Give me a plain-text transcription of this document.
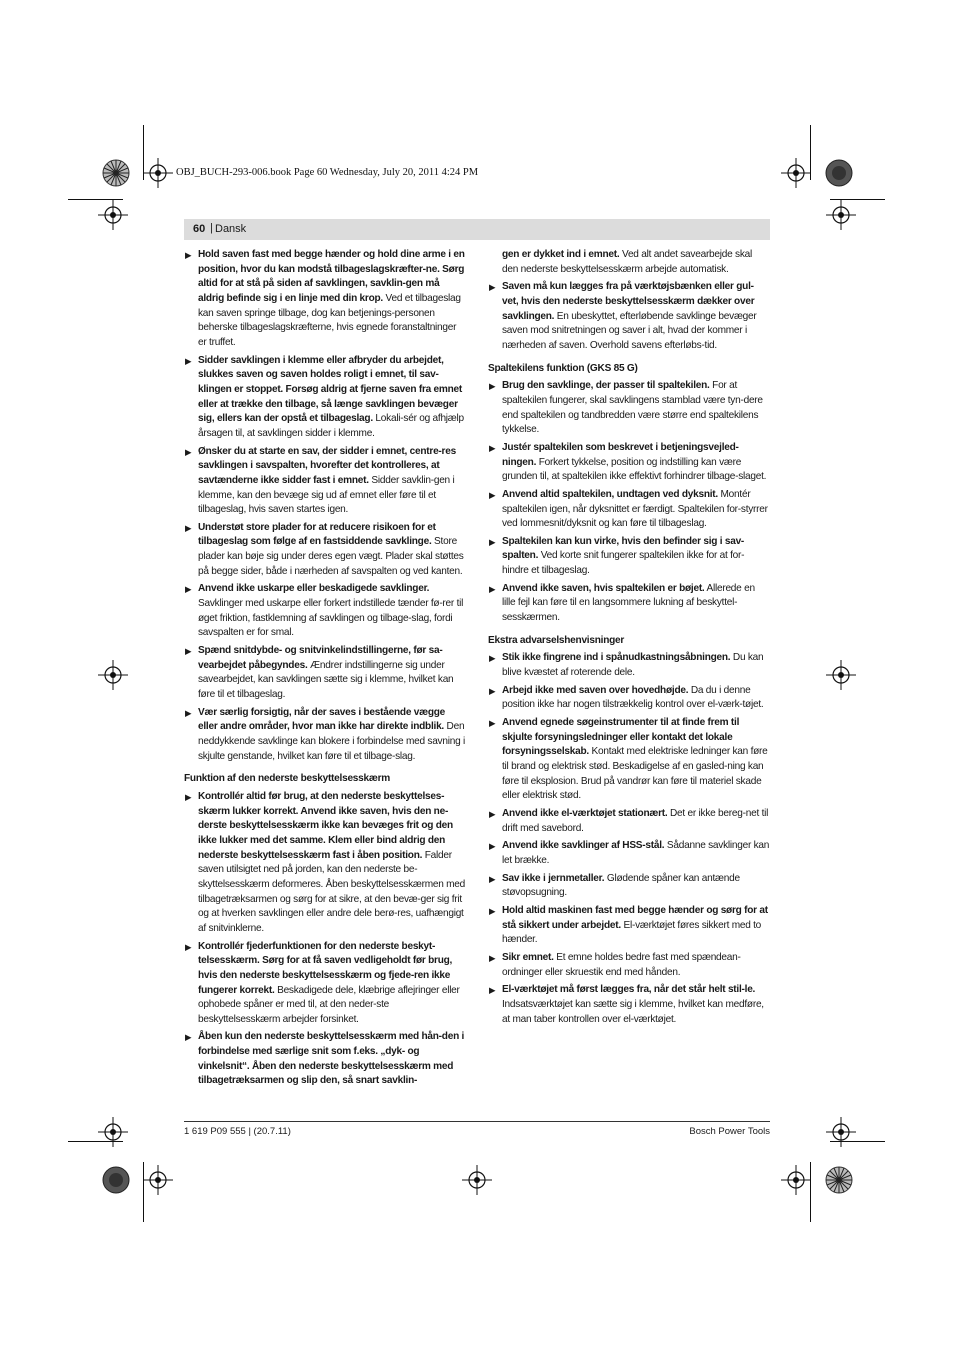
OBJ_BUCH-293-006.book Page 60 Wednesday, July 20, 2011 4:24 PM
60 | Dansk
▶ Hold saven fast med begge hænder og hold dine arme i en position, hvor du kan modstå tilbageslagskræfter-ne. Sørg altid for at stå på siden af savklingen, savklin-gen må aldrig befinde sig i en linje med din krop. Ved et tilbageslag kan saven springe tilbage, dog kan betjenings-personen beherske tilbageslagskræfterne, hvis egnede foranstaltninger er truffet.
▶ Sidder savklingen i klemme eller afbryder du arbejdet, slukkes saven og saven holdes roligt i emnet, til sav-klingen er stoppet. Forsøg aldrig at fjerne saven fra emnet eller at trække den tilbage, så længe savklingen bevæger sig, ellers kan der opstå et tilbageslag. Lokali-sér og afhjælp årsagen til, at savklingen sidder i klemme.
▶ Ønsker du at starte en sav, der sidder i emnet, centre-res savklingen i savspalten, hvorefter det kontrolleres, at savtænderne ikke sidder fast i emnet. Sidder savklin-gen i klemme, kan den bevæge sig ud af emnet eller føre til et tilbageslag, hvis saven startes igen.
▶ Understøt store plader for at reducere risikoen for et tilbageslag som følge af en fastsiddende savklinge. Store plader kan bøje sig under deres egen vægt. Plader skal støttes på begge sider, både i nærheden af savspalten og ved kanten.
▶ Anvend ikke uskarpe eller beskadigede savklinger. Savklinger med uskarpe eller forkert indstillede tænder fø-rer til øget friktion, fastklemning af savklingen og tilbage-slag, fordi savspalten er for smal.
▶ Spænd snitdybde- og snitvinkelindstillingerne, før sa-vearbejdet påbegyndes. Ændrer indstillingerne sig under savearbejdet, kan savklingen sætte sig i klemme, hvilket kan føre til et tilbageslag.
▶ Vær særlig forsigtig, når der saves i bestående vægge eller andre områder, hvor man ikke har direkte indblik. Den neddykkende savklinge kan blokere i forbindelse med savning i skjulte genstande, hvilket kan føre til et tilbage-slag.
Funktion af den nederste beskyttelsesskærm
▶ Kontrollér altid før brug, at den nederste beskyttelses-skærm lukker korrekt. Anvend ikke saven, hvis den ne-derste beskyttelsesskærm ikke kan bevæges frit og den ikke lukker med det samme. Klem eller bind aldrig den nederste beskyttelsesskærm fast i åben position. Falder saven utilsigtet ned på jorden, kan den nederste be-skyttelsesskærm deformeres. Åben beskyttelsesskærmen med tilbagetræksarmen og sørg for at sikre, at den bevæ-ger sig frit og at hverken savklingen eller andre dele berø-res, uafhængigt af snitvinklerne.
▶ Kontrollér fjederfunktionen for den nederste beskyt-telsesskærm. Sørg for at få saven vedligeholdt før brug, hvis den nederste beskyttelsesskærm og fjede-ren ikke fungerer korrekt. Beskadigede dele, klæbrige aflejringer eller ophobede spåner er med til, at den neder-ste beskyttelsesskærm arbejder forsinket.
▶ Åben kun den nederste beskyttelsesskærm med hån-den i forbindelse med særlige snit som f.eks. „dyk- og vinkelsnit“. Åben den nederste beskyttelsesskærm med tilbagetræksarmen og slip den, så snart savklin-
gen er dykket ind i emnet. Ved alt andet savearbejde skal den nederste beskyttelsesskærm arbejde automatisk.
▶ Saven må kun lægges fra på værktøjsbænken eller gul-vet, hvis den nederste beskyttelsesskærm dækker over savklingen. En ubeskyttet, efterløbende savklinge bevæger saven mod snitretningen og saver i alt, hvad der kommer i nærheden af saven. Overhold savens efterløbs-tid.
Spaltekilens funktion (GKS 85 G)
▶ Brug den savklinge, der passer til spaltekilen. For at spaltekilen fungerer, skal savklingens stamblad være tyn-dere end spaltekilen og tandbredden være større end spaltekilens tykkelse.
▶ Justér spaltekilen som beskrevet i betjeningsvejled-ningen. Forkert tykkelse, position og indstilling kan være grunden til, at spaltekilen ikke effektivt forhindrer tilbage-slaget.
▶ Anvend altid spaltekilen, undtagen ved dyksnit. Montér spaltekilen igen, når dyksnittet er færdigt. Spaltekilen for-styrrer ved lommesnit/dyksnit og kan føre til tilbageslag.
▶ Spaltekilen kan kun virke, hvis den befinder sig i sav-spalten. Ved korte snit fungerer spaltekilen ikke for at for-hindre et tilbageslag.
▶ Anvend ikke saven, hvis spaltekilen er bøjet. Allerede en lille fejl kan føre til en langsommere lukning af beskyttel-sesskærmen.
Ekstra advarselshenvisninger
▶ Stik ikke fingrene ind i spånudkastningsåbningen. Du kan blive kvæstet af roterende dele.
▶ Arbejd ikke med saven over hovedhøjde. Da du i denne position ikke har nogen tilstrækkelig kontrol over el-værk-tøjet.
▶ Anvend egnede søgeinstrumenter til at finde frem til skjulte forsyningsledninger eller kontakt det lokale forsyningsselskab. Kontakt med elektriske ledninger kan føre til brand og elektrisk stød. Beskadigelse af en gasled-ning kan føre til eksplosion. Brud på vandrør kan føre til materiel skade eller elektrisk stød.
▶ Anvend ikke el-værktøjet stationært. Det er ikke bereg-net til drift med savebord.
▶ Anvend ikke savklinger af HSS-stål. Sådanne savklinger kan let brække.
▶ Sav ikke i jernmetaller. Glødende spåner kan antænde støvopsugning.
▶ Hold altid maskinen fast med begge hænder og sørg for at stå sikkert under arbejdet. El-værktøjet føres sikkert med to hænder.
▶ Sikr emnet. Et emne holdes bedre fast med spændean-ordninger eller skruestik end med hånden.
▶ El-værktøjet må først lægges fra, når det står helt stil-le. Indsatsværktøjet kan sætte sig i klemme, hvilket kan medføre, at man taber kontrollen over el-værktøjet.
1 619 P09 555 | (20.7.11)	Bosch Power Tools
